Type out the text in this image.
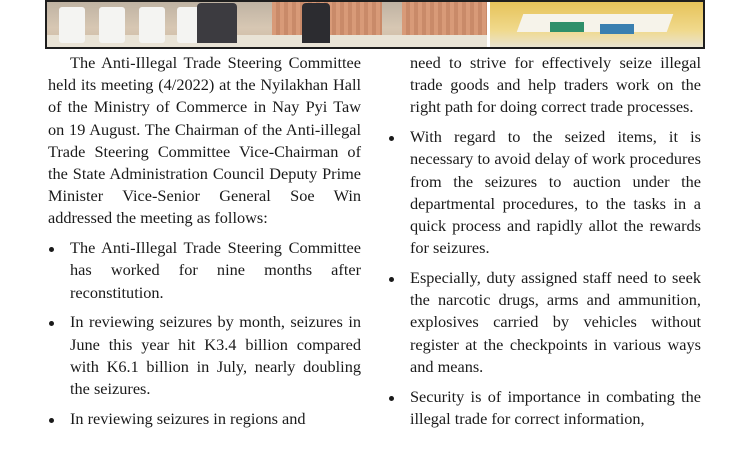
The Anti-Illegal Trade Steering Committee held its meeting (4/2022) at the Nyilakhan Hall of the Ministry of Commerce in Nay Pyi Taw on 19 August. The Chairman of the Anti-illegal Trade Steering Committee Vice-Chairman of the State Administration Council Deputy Prime Minister Vice-Senior General Soe Win addressed the meeting as follows:

The Anti-Illegal Trade Steering Committee has worked for nine months after reconstitution.
In reviewing seizures by month, seizures in June this year hit K3.4 billion compared with K6.1 billion in July, nearly doubling the seizures.
In reviewing seizures in regions and

need to strive for effectively seize illegal trade goods and help traders work on the right path for doing correct trade processes.

With regard to the seized items, it is necessary to avoid delay of work procedures from the seizures to auction under the departmental procedures, to the tasks in a quick process and rapidly allot the rewards for seizures.
Especially, duty assigned staff need to seek the narcotic drugs, arms and ammunition, explosives carried by vehicles without register at the checkpoints in various ways and means.
Security is of importance in combating the illegal trade for correct information,
